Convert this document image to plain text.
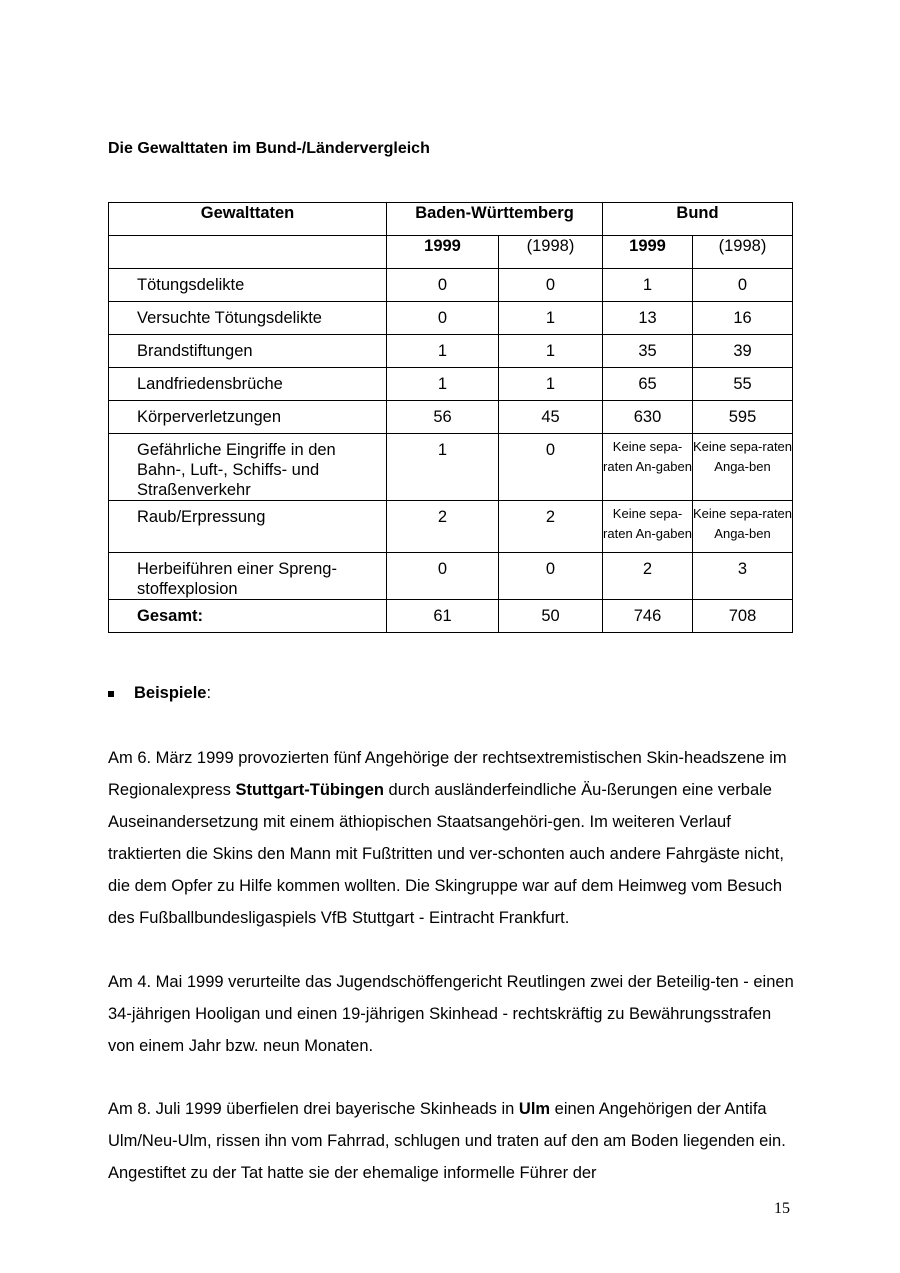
Die Gewalttaten im Bund-/Ländervergleich
Gewalttaten	Baden-Württemberg		Bund	
	1999	(1998)	1999	(1998)
Tötungsdelikte	0	0	1	0
Versuchte Tötungsdelikte	0	1	13	16
Brandstiftungen	1	1	35	39
Landfriedensbrüche	1	1	65	55
Körperverletzungen	56	45	630	595
Gefährliche Eingriffe in den Bahn-, Luft-, Schiffs- und Straßenverkehr	1	0	Keine sepa-raten An-gaben	Keine sepa-raten Anga-ben
Raub/Erpressung	2	2	Keine sepa-raten An-gaben	Keine sepa-raten Anga-ben
Herbeiführen einer Spreng-stoffexplosion	0	0	2	3
Gesamt:	61	50	746	708
Beispiele :

Am 6. März 1999 provozierten fünf Angehörige der rechtsextremistischen Skin-headszene im Regionalexpress Stuttgart-Tübingen durch ausländerfeindliche Äu-ßerungen eine verbale Auseinandersetzung mit einem äthiopischen Staatsangehöri-gen. Im weiteren Verlauf traktierten die Skins den Mann mit Fußtritten und ver-schonten auch andere Fahrgäste nicht, die dem Opfer zu Hilfe kommen wollten. Die Skingruppe war auf dem Heimweg vom Besuch des Fußballbundesligaspiels VfB Stuttgart - Eintracht Frankfurt.

Am 4. Mai 1999 verurteilte das Jugendschöffengericht Reutlingen zwei der Beteilig-ten - einen 34-jährigen Hooligan und einen 19-jährigen Skinhead - rechtskräftig zu Bewährungsstrafen von einem Jahr bzw. neun Monaten.

Am 8. Juli 1999 überfielen drei bayerische Skinheads in Ulm einen Angehörigen der Antifa Ulm/Neu-Ulm, rissen ihn vom Fahrrad, schlugen und traten auf den am Boden liegenden ein. Angestiftet zu der Tat hatte sie der ehemalige informelle Führer der

15
